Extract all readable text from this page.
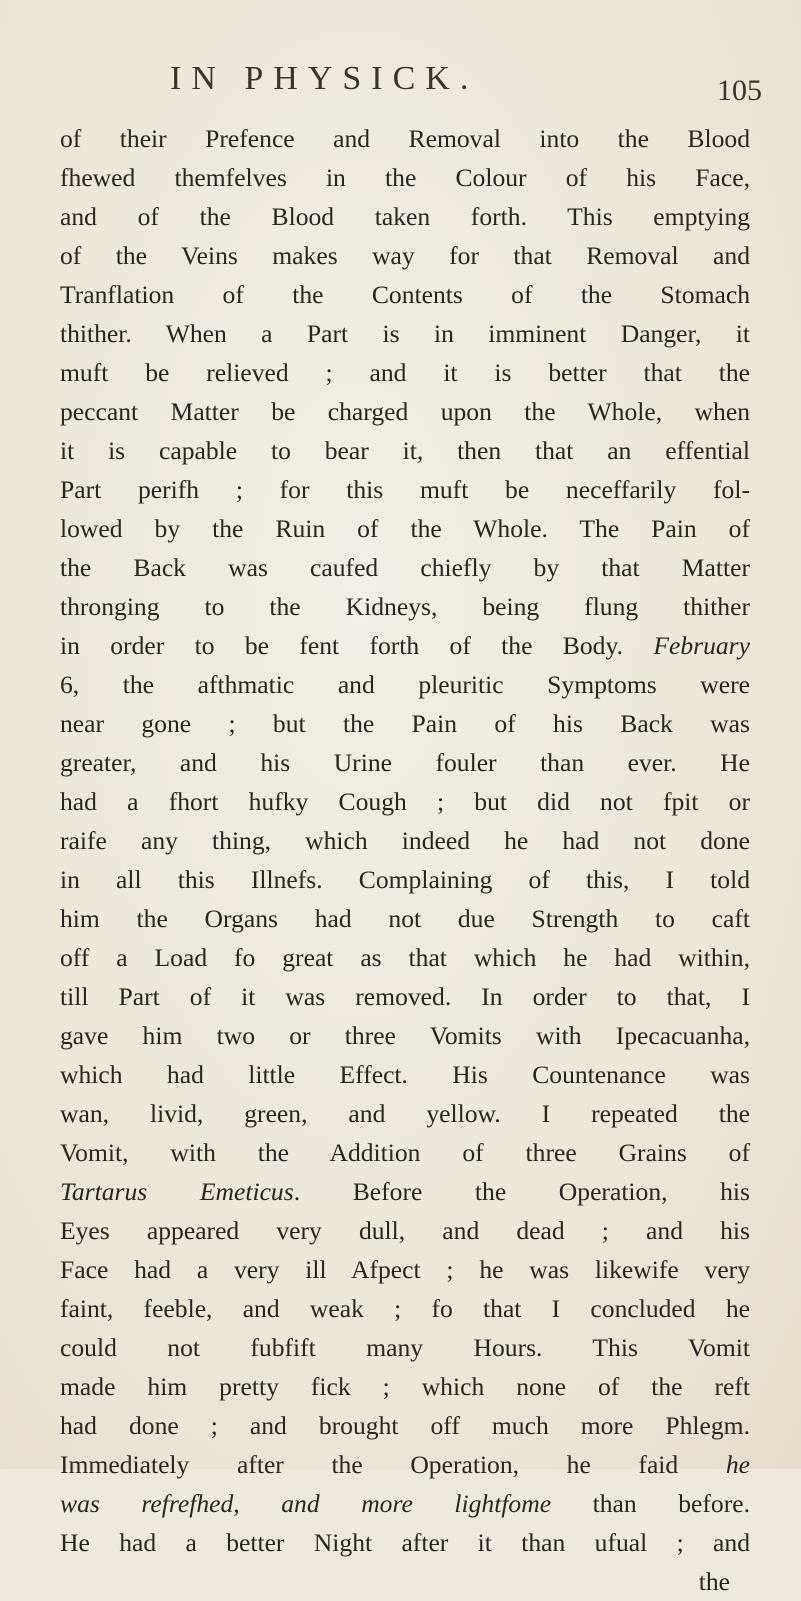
IN PHYSICK.	105
of their Prefence and Removal into the Blood
fhewed themfelves in the Colour of his Face,
and of the Blood taken forth. This emptying
of the Veins makes way for that Removal and
Tranflation of the Contents of the Stomach
thither. When a Part is in imminent Danger, it
muft be relieved ; and it is better that the
peccant Matter be charged upon the Whole, when
it is capable to bear it, then that an effential
Part perifh ; for this muft be neceffarily fol-
lowed by the Ruin of the Whole. The Pain of
the Back was caufed chiefly by that Matter
thronging to the Kidneys, being flung thither
in order to be fent forth of the Body. February
6, the afthmatic and pleuritic Symptoms were
near gone ; but the Pain of his Back was
greater, and his Urine fouler than ever. He
had a fhort hufky Cough ; but did not fpit or
raife any thing, which indeed he had not done
in all this Illnefs. Complaining of this, I told
him the Organs had not due Strength to caft
off a Load fo great as that which he had within,
till Part of it was removed. In order to that, I
gave him two or three Vomits with Ipecacuanha,
which had little Effect. His Countenance was
wan, livid, green, and yellow. I repeated the
Vomit, with the Addition of three Grains of
Tartarus Emeticus. Before the Operation, his
Eyes appeared very dull, and dead ; and his
Face had a very ill Afpect ; he was likewife very
faint, feeble, and weak ; fo that I concluded he
could not fubfift many Hours. This Vomit
made him pretty fick ; which none of the reft
had done ; and brought off much more Phlegm.
Immediately after the Operation, he faid he
was refrefhed, and more lightfome than before.
He had a better Night after it than ufual ; and
the
